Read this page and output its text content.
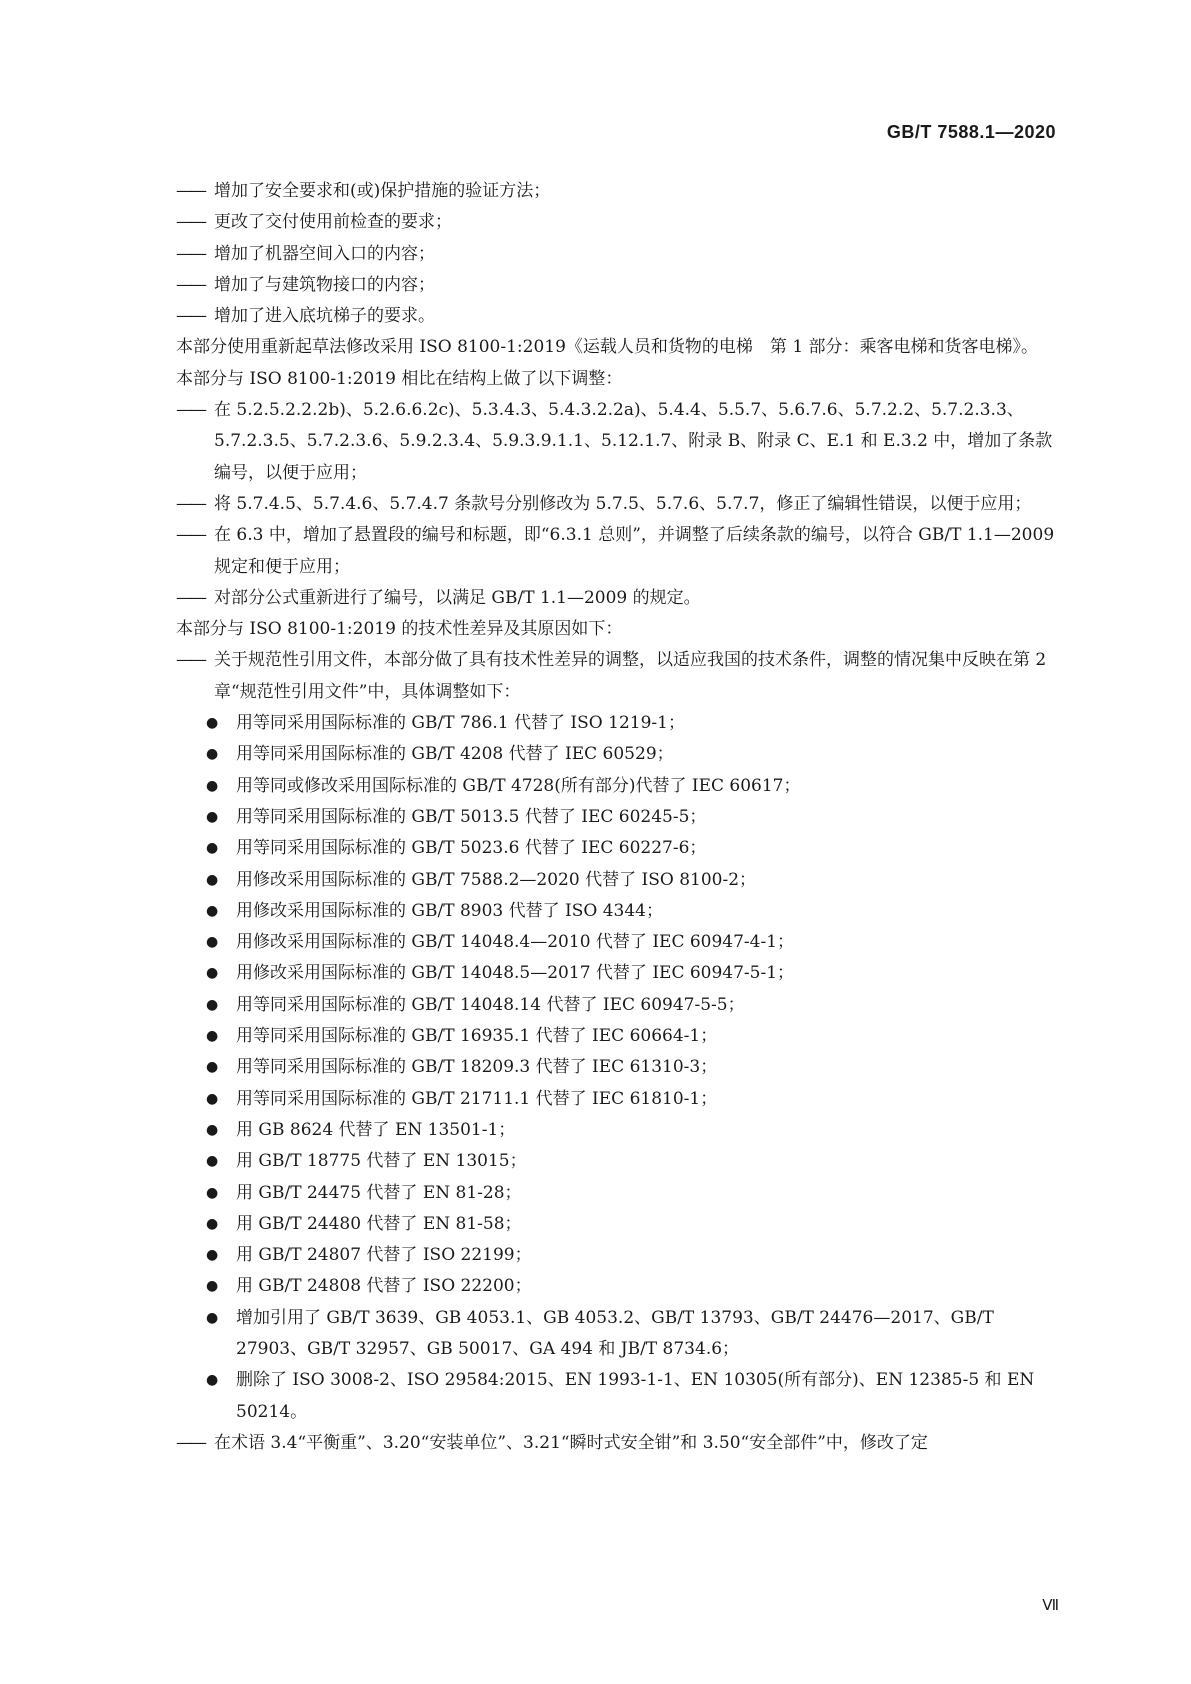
GB/T 7588.1—2020
—— 增加了安全要求和(或)保护措施的验证方法；
—— 更改了交付使用前检查的要求；
—— 增加了机器空间入口的内容；
—— 增加了与建筑物接口的内容；
—— 增加了进入底坑梯子的要求。
本部分使用重新起草法修改采用 ISO 8100-1:2019《运载人员和货物的电梯　第 1 部分：乘客电梯和货客电梯》。
本部分与 ISO 8100-1:2019 相比在结构上做了以下调整：
—— 在 5.2.5.2.2.2b)、5.2.6.6.2c)、5.3.4.3、5.4.3.2.2a)、5.4.4、5.5.7、5.6.7.6、5.7.2.2、5.7.2.3.3、5.7.2.3.5、5.7.2.3.6、5.9.2.3.4、5.9.3.9.1.1、5.12.1.7、附录 B、附录 C、E.1 和 E.3.2 中，增加了条款编号，以便于应用；
—— 将 5.7.4.5、5.7.4.6、5.7.4.7 条款号分别修改为 5.7.5、5.7.6、5.7.7，修正了编辑性错误，以便于应用；
—— 在 6.3 中，增加了悬置段的编号和标题，即“6.3.1 总则”，并调整了后续条款的编号，以符合 GB/T 1.1—2009 规定和便于应用；
—— 对部分公式重新进行了编号，以满足 GB/T 1.1—2009 的规定。
本部分与 ISO 8100-1:2019 的技术性差异及其原因如下：
—— 关于规范性引用文件，本部分做了具有技术性差异的调整，以适应我国的技术条件，调整的情况集中反映在第 2 章“规范性引用文件”中，具体调整如下：
●	用等同采用国际标准的 GB/T 786.1 代替了 ISO 1219-1；
●	用等同采用国际标准的 GB/T 4208 代替了 IEC 60529；
●	用等同或修改采用国际标准的 GB/T 4728(所有部分)代替了 IEC 60617；
●	用等同采用国际标准的 GB/T 5013.5 代替了 IEC 60245-5；
●	用等同采用国际标准的 GB/T 5023.6 代替了 IEC 60227-6；
●	用修改采用国际标准的 GB/T 7588.2—2020 代替了 ISO 8100-2；
●	用修改采用国际标准的 GB/T 8903 代替了 ISO 4344；
●	用修改采用国际标准的 GB/T 14048.4—2010 代替了 IEC 60947-4-1；
●	用修改采用国际标准的 GB/T 14048.5—2017 代替了 IEC 60947-5-1；
●	用等同采用国际标准的 GB/T 14048.14 代替了 IEC 60947-5-5；
●	用等同采用国际标准的 GB/T 16935.1 代替了 IEC 60664-1；
●	用等同采用国际标准的 GB/T 18209.3 代替了 IEC 61310-3；
●	用等同采用国际标准的 GB/T 21711.1 代替了 IEC 61810-1；
●	用 GB 8624 代替了 EN 13501-1；
●	用 GB/T 18775 代替了 EN 13015；
●	用 GB/T 24475 代替了 EN 81-28；
●	用 GB/T 24480 代替了 EN 81-58；
●	用 GB/T 24807 代替了 ISO 22199；
●	用 GB/T 24808 代替了 ISO 22200；
●	增加引用了 GB/T 3639、GB 4053.1、GB 4053.2、GB/T 13793、GB/T 24476—2017、GB/T 27903、GB/T 32957、GB 50017、GA 494 和 JB/T 8734.6；
●	删除了 ISO 3008-2、ISO 29584:2015、EN 1993-1-1、EN 10305(所有部分)、EN 12385-5 和 EN 50214。
—— 在术语 3.4“平衡重”、3.20“安装单位”、3.21“瞬时式安全钳”和 3.50“安全部件”中，修改了定
Ⅶ
